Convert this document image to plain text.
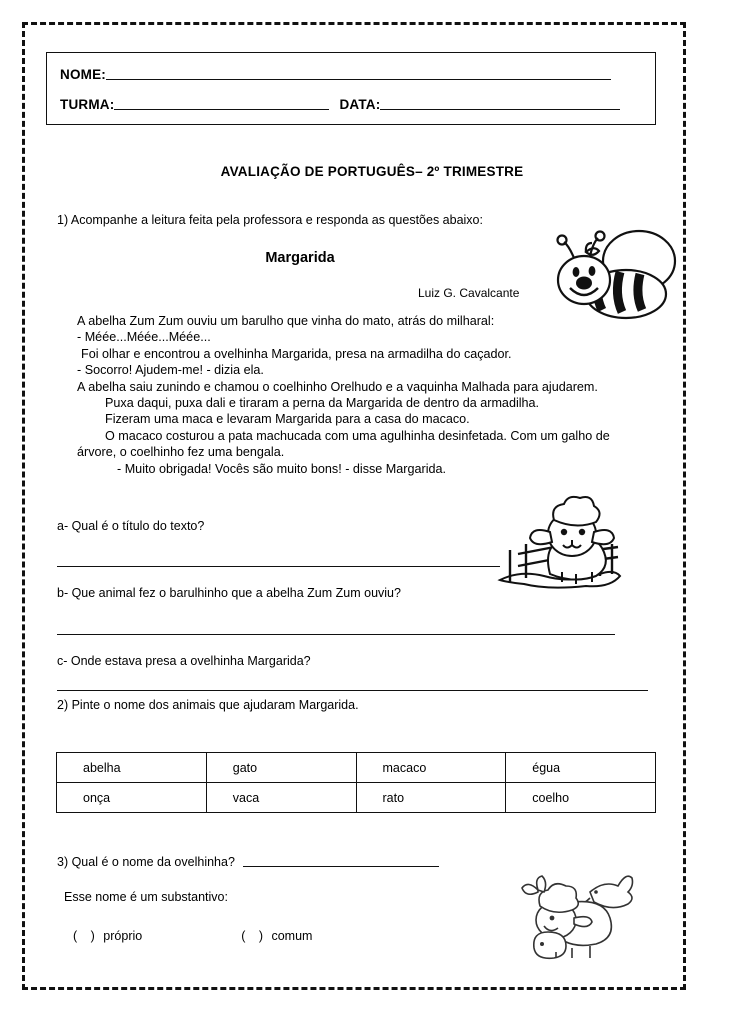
NOME:
TURMA:	DATA:
AVALIAÇÃO DE PORTUGUÊS– 2º TRIMESTRE
1) Acompanhe a leitura feita pela professora e responda as questões abaixo:
Margarida
Luiz G. Cavalcante

A abelha Zum Zum ouviu um barulho que vinha do mato, atrás do milharal:

- Méée...Méée...Méée...

Foi olhar e encontrou a ovelhinha Margarida, presa na armadilha do caçador.

- Socorro! Ajudem-me! - dizia ela.

A abelha saiu zunindo e chamou o coelhinho Orelhudo e a vaquinha Malhada para ajudarem.

Puxa daqui, puxa dali e tiraram a perna da Margarida de dentro da armadilha.

Fizeram uma maca e levaram Margarida para a casa do macaco.

O macaco costurou a pata machucada com uma agulhinha desinfetada. Com um galho de árvore, o coelhinho fez uma bengala.

- Muito obrigada! Vocês são muito bons! - disse Margarida.

a- Qual é o título do texto?
b- Que animal fez o barulhinho que a abelha Zum Zum ouviu?
c- Onde estava presa a ovelhinha Margarida?
2) Pinte o nome dos animais que ajudaram Margarida.
abelha	gato	macaco	égua
onça	vaca	rato	coelho
3) Qual é o nome da ovelhinha?
Esse nome é um substantivo:
( ) próprio	( ) comum
